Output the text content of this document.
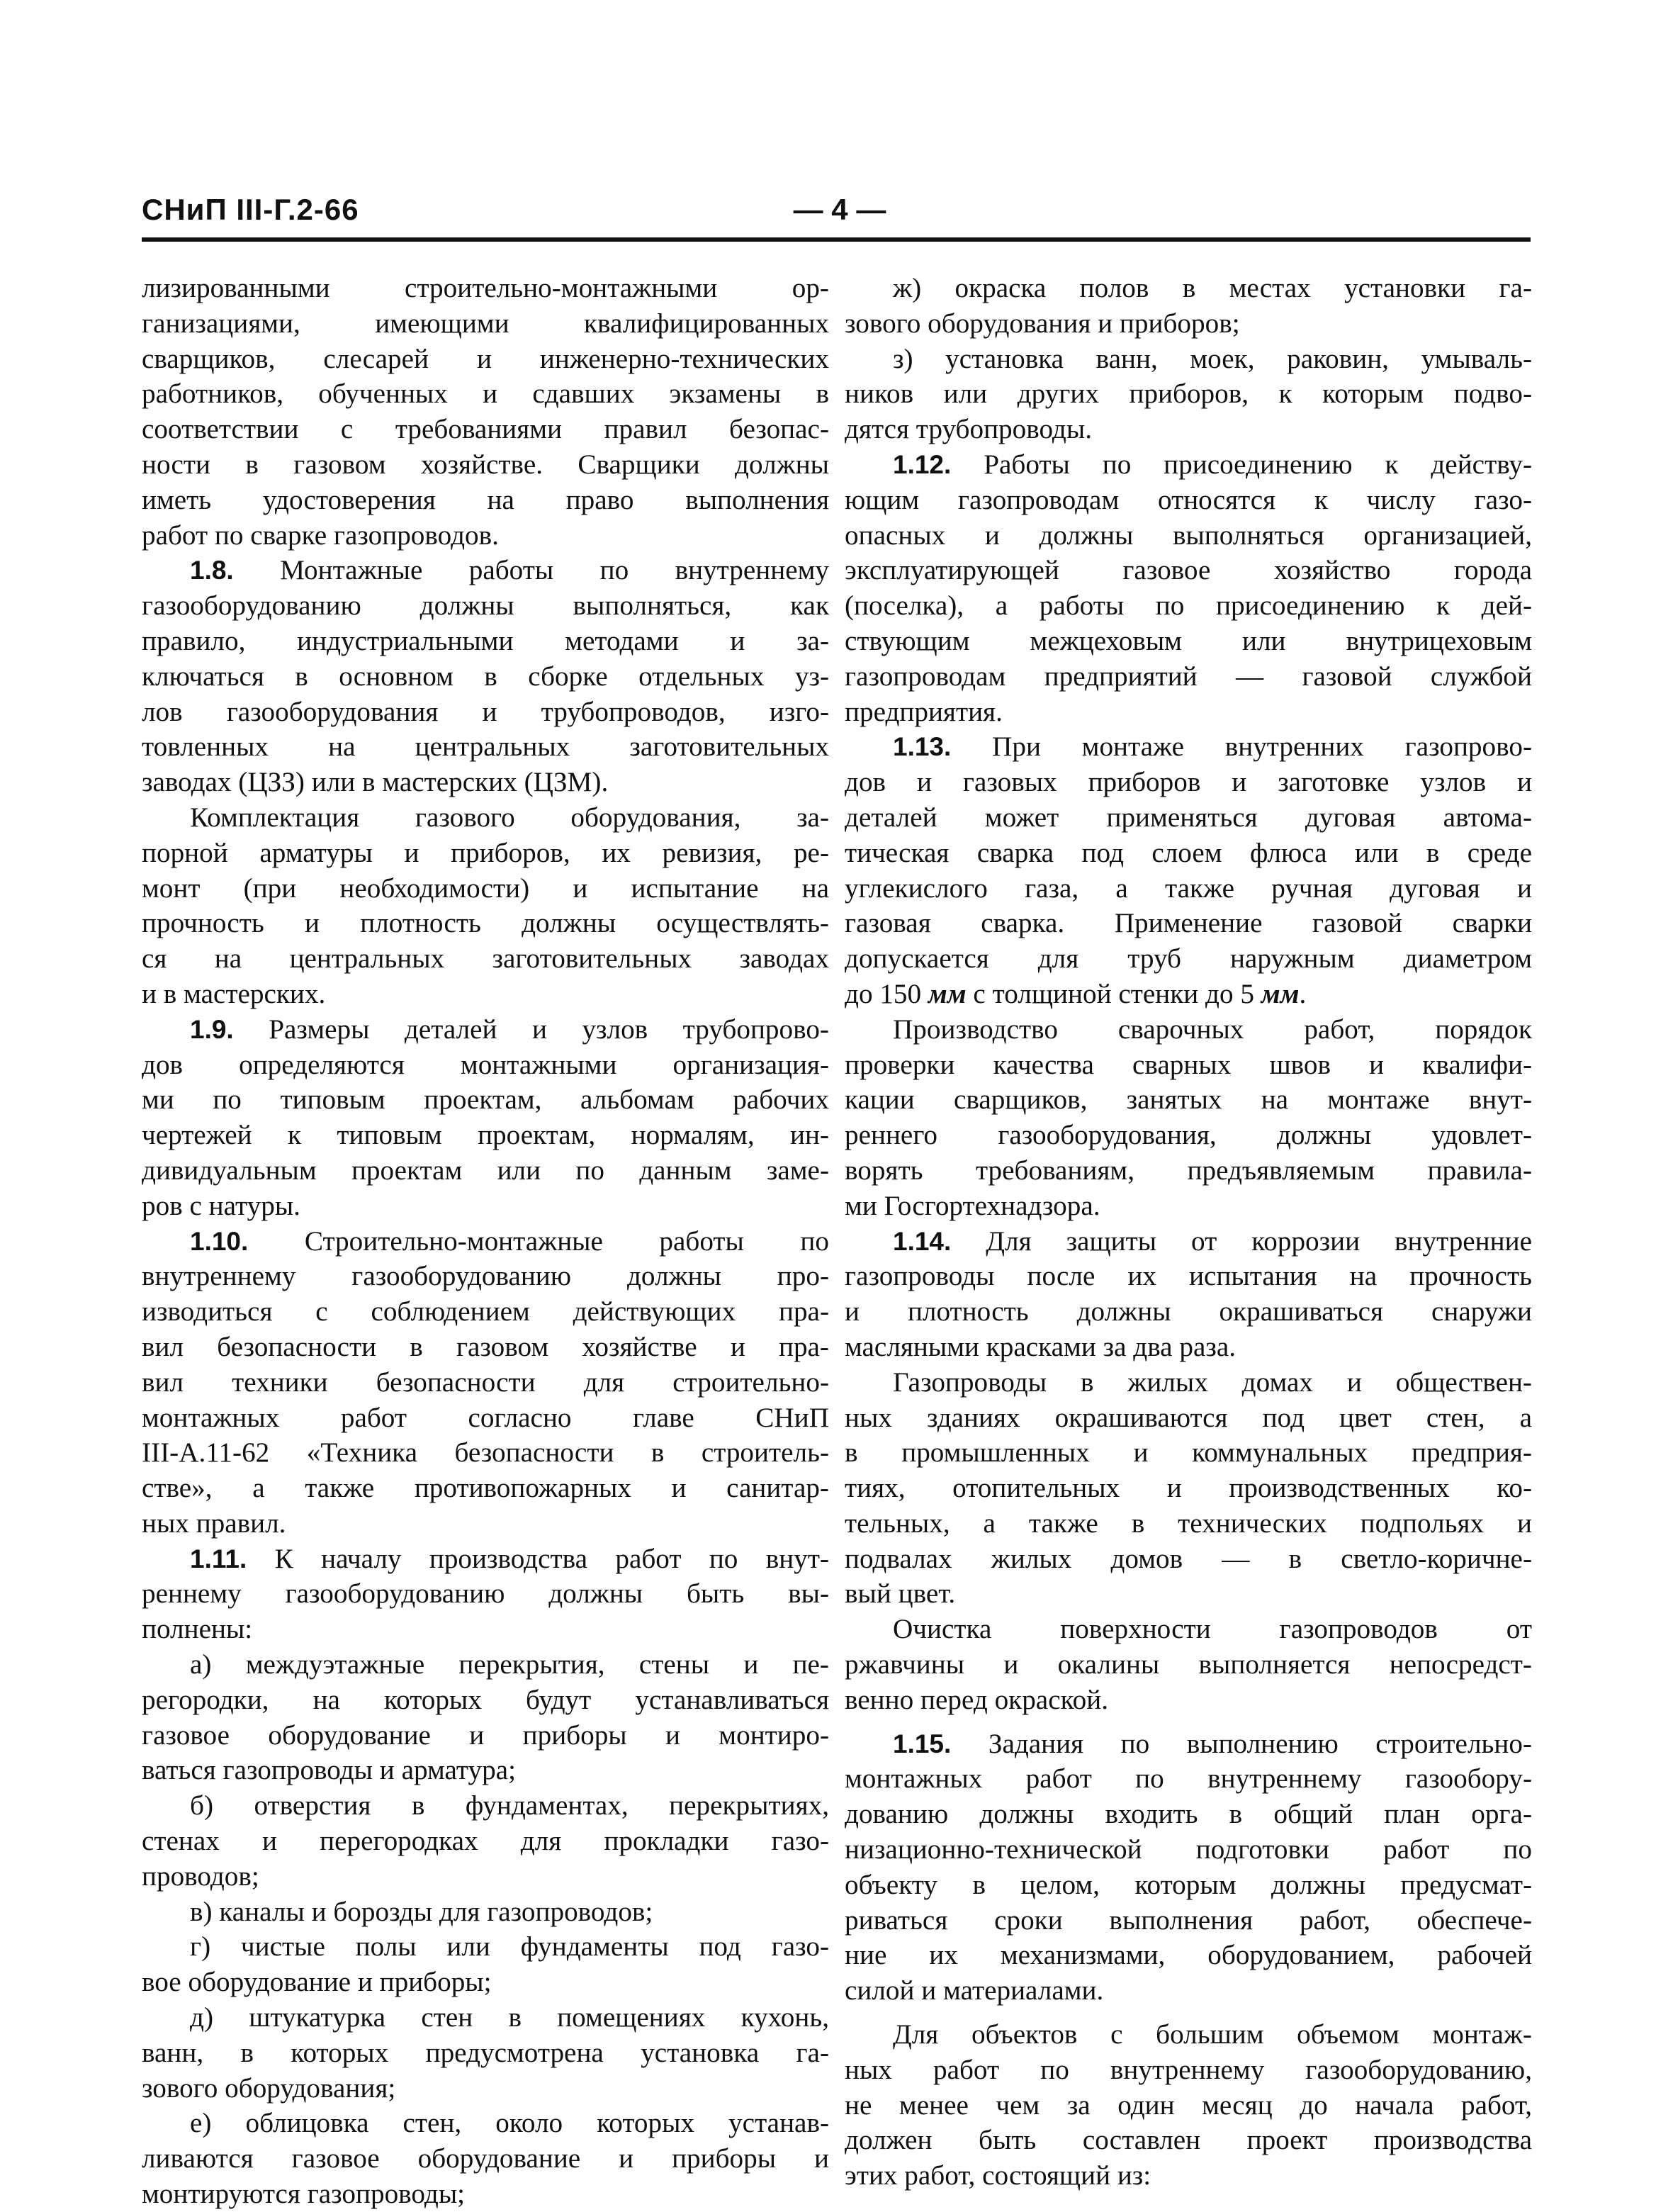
СНиП III-Г.2-66	— 4 —

лизированными строительно-монтажными ор-

ганизациями, имеющими квалифицированных

сварщиков, слесарей и инженерно-технических

работников, обученных и сдавших экзамены в

соответствии с требованиями правил безопас-

ности в газовом хозяйстве. Сварщики должны

иметь удостоверения на право выполнения

работ по сварке газопроводов.

1.8. Монтажные работы по внутреннему

газооборудованию должны выполняться, как

правило, индустриальными методами и за-

ключаться в основном в сборке отдельных уз-

лов газооборудования и трубопроводов, изго-

товленных на центральных заготовительных

заводах (ЦЗЗ) или в мастерских (ЦЗМ).

Комплектация газового оборудования, за-

порной арматуры и приборов, их ревизия, ре-

монт (при необходимости) и испытание на

прочность и плотность должны осуществлять-

ся на центральных заготовительных заводах

и в мастерских.

1.9. Размеры деталей и узлов трубопрово-

дов определяются монтажными организация-

ми по типовым проектам, альбомам рабочих

чертежей к типовым проектам, нормалям, ин-

дивидуальным проектам или по данным заме-

ров с натуры.

1.10. Строительно-монтажные работы по

внутреннему газооборудованию должны про-

изводиться с соблюдением действующих пра-

вил безопасности в газовом хозяйстве и пра-

вил техники безопасности для строительно-

монтажных работ согласно главе СНиП

III-А.11-62 «Техника безопасности в строитель-

стве», а также противопожарных и санитар-

ных правил.

1.11. К началу производства работ по внут-

реннему газооборудованию должны быть вы-

полнены:

а) междуэтажные перекрытия, стены и пе-

регородки, на которых будут устанавливаться

газовое оборудование и приборы и монтиро-

ваться газопроводы и арматура;

б) отверстия в фундаментах, перекрытиях,

стенах и перегородках для прокладки газо-

проводов;

в) каналы и борозды для газопроводов;

г) чистые полы или фундаменты под газо-

вое оборудование и приборы;

д) штукатурка стен в помещениях кухонь,

ванн, в которых предусмотрена установка га-

зового оборудования;

е) облицовка стен, около которых устанав-

ливаются газовое оборудование и приборы и

монтируются газопроводы;

ж) окраска полов в местах установки га-

зового оборудования и приборов;

з) установка ванн, моек, раковин, умываль-

ников или других приборов, к которым подво-

дятся трубопроводы.

1.12. Работы по присоединению к действу-

ющим газопроводам относятся к числу газо-

опасных и должны выполняться организацией,

эксплуатирующей газовое хозяйство города

(поселка), а работы по присоединению к дей-

ствующим межцеховым или внутрицеховым

газопроводам предприятий — газовой службой

предприятия.

1.13. При монтаже внутренних газопрово-

дов и газовых приборов и заготовке узлов и

деталей может применяться дуговая автома-

тическая сварка под слоем флюса или в среде

углекислого газа, а также ручная дуговая и

газовая сварка. Применение газовой сварки

допускается для труб наружным диаметром

до 150 мм с толщиной стенки до 5 мм.

Производство сварочных работ, порядок

проверки качества сварных швов и квалифи-

кации сварщиков, занятых на монтаже внут-

реннего газооборудования, должны удовлет-

ворять требованиям, предъявляемым правила-

ми Госгортехнадзора.

1.14. Для защиты от коррозии внутренние

газопроводы после их испытания на прочность

и плотность должны окрашиваться снаружи

масляными красками за два раза.

Газопроводы в жилых домах и обществен-

ных зданиях окрашиваются под цвет стен, а

в промышленных и коммунальных предприя-

тиях, отопительных и производственных ко-

тельных, а также в технических подпольях и

подвалах жилых домов — в светло-коричне-

вый цвет.

Очистка поверхности газопроводов от

ржавчины и окалины выполняется непосредст-

венно перед окраской.

1.15. Задания по выполнению строительно-

монтажных работ по внутреннему газообору-

дованию должны входить в общий план орга-

низационно-технической подготовки работ по

объекту в целом, которым должны предусмат-

риваться сроки выполнения работ, обеспече-

ние их механизмами, оборудованием, рабочей

силой и материалами.

Для объектов с большим объемом монтаж-

ных работ по внутреннему газооборудованию,

не менее чем за один месяц до начала работ,

должен быть составлен проект производства

этих работ, состоящий из:
